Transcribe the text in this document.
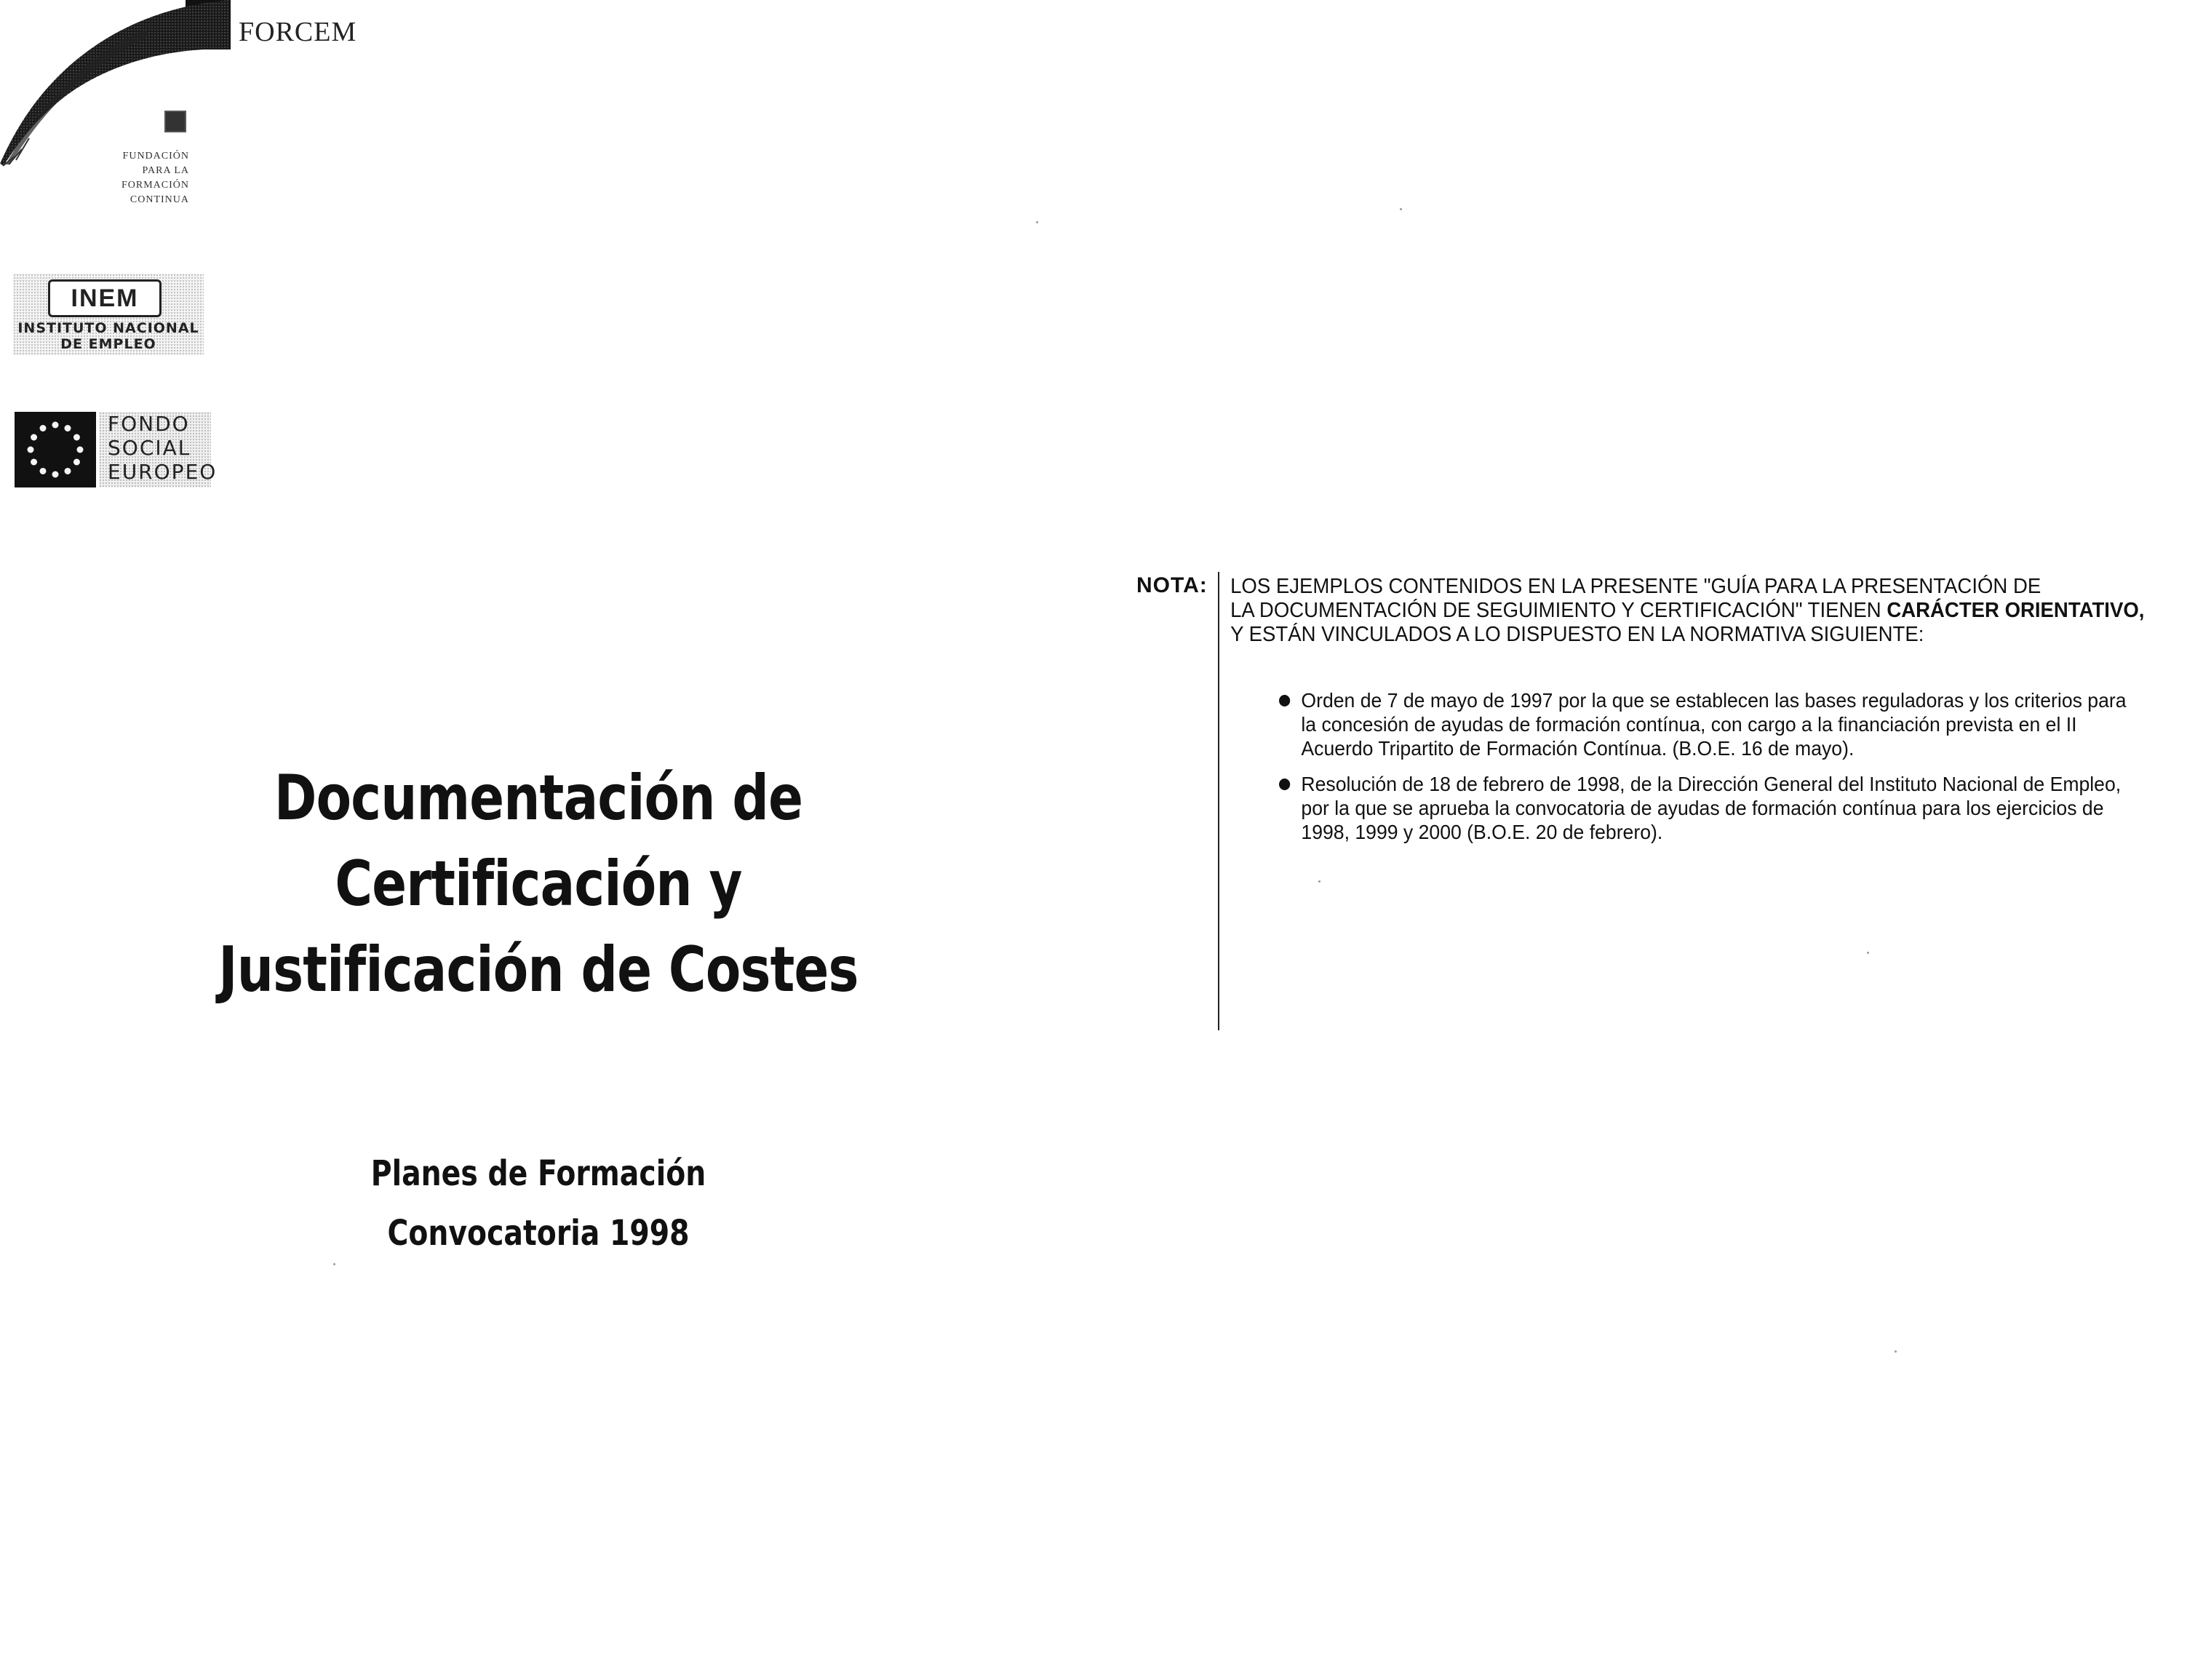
FORCEM
FUNDACIÓN
PARA LA
FORMACIÓN
CONTINUA
INEM
INSTITUTO NACIONAL
DE EMPLEO
FONDO
SOCIAL
EUROPEO
Documentación de Certificación y
Justificación de Costes
Planes de Formación
Convocatoria 1998
NOTA: LOS EJEMPLOS CONTENIDOS EN LA PRESENTE "GUÍA PARA LA PRESENTACIÓN DE
LA DOCUMENTACIÓN DE SEGUIMIENTO Y CERTIFICACIÓN" TIENEN CARÁCTER ORIENTATIVO,
Y ESTÁN VINCULADOS A LO DISPUESTO EN LA NORMATIVA SIGUIENTE:
Orden de 7 de mayo de 1997 por la que se establecen las bases reguladoras y los criterios para la concesión de ayudas de formación contínua, con cargo a la financiación prevista en el II Acuerdo Tripartito de Formación Contínua. (B.O.E. 16 de mayo).
Resolución de 18 de febrero de 1998, de la Dirección General del Instituto Nacional de Empleo, por la que se aprueba la convocatoria de ayudas de formación contínua para los ejercicios de 1998, 1999 y 2000 (B.O.E. 20 de febrero).
